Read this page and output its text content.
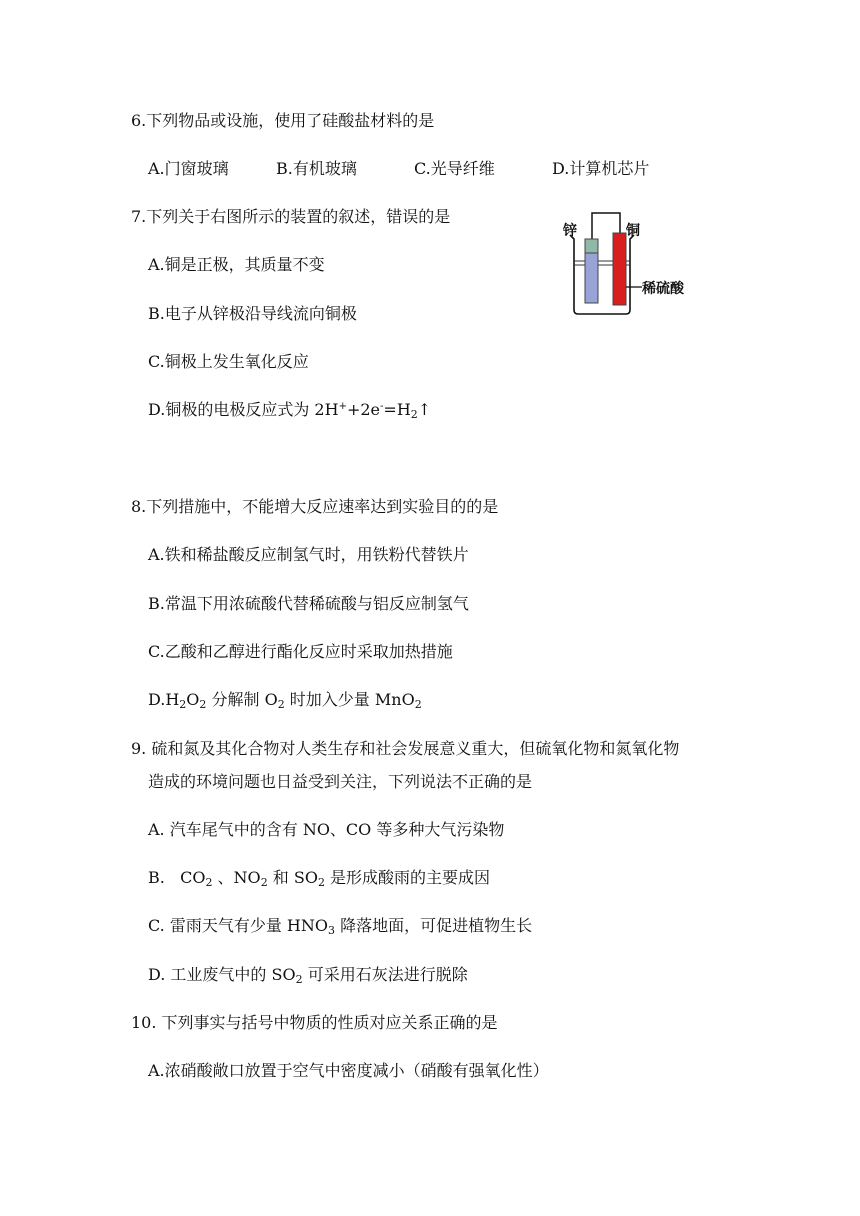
6.下列物品或设施，使用了硅酸盐材料的是
A.门窗玻璃	B.有机玻璃	C.光导纤维	D.计算机芯片
7.下列关于右图所示的装置的叙述，错误的是
A.铜是正极，其质量不变
B.电子从锌极沿导线流向铜极
C.铜极上发生氧化反应
D.铜极的电极反应式为 $2H^++2e^-=H_2↑$
锌	铜
稀硫酸
8.下列措施中，不能增大反应速率达到实验目的的是
A.铁和稀盐酸反应制氢气时，用铁粉代替铁片
B.常温下用浓硫酸代替稀硫酸与铝反应制氢气
C.乙酸和乙醇进行酯化反应时采取加热措施
$D.H_2O_2$ 分解制 $O_2$ 时加入少量 MnO$_2$
9. 硫和氮及其化合物对人类生存和社会发展意义重大，但硫氧化物和氮氧化物
造成的环境问题也日益受到关注，下列说法不正确的是
A. 汽车尾气中的含有 NO、CO 等多种大气污染物
B.   $CO_2$ 、$NO_2$ 和 $SO_2$ 是形成酸雨的主要成因
C. 雷雨天气有少量 $HNO_3$ 降落地面，可促进植物生长
D. 工业废气中的 $SO_2$ 可采用石灰法进行脱除
10. 下列事实与括号中物质的性质对应关系正确的是
A.浓硝酸敞口放置于空气中密度减小（硝酸有强氧化性）
